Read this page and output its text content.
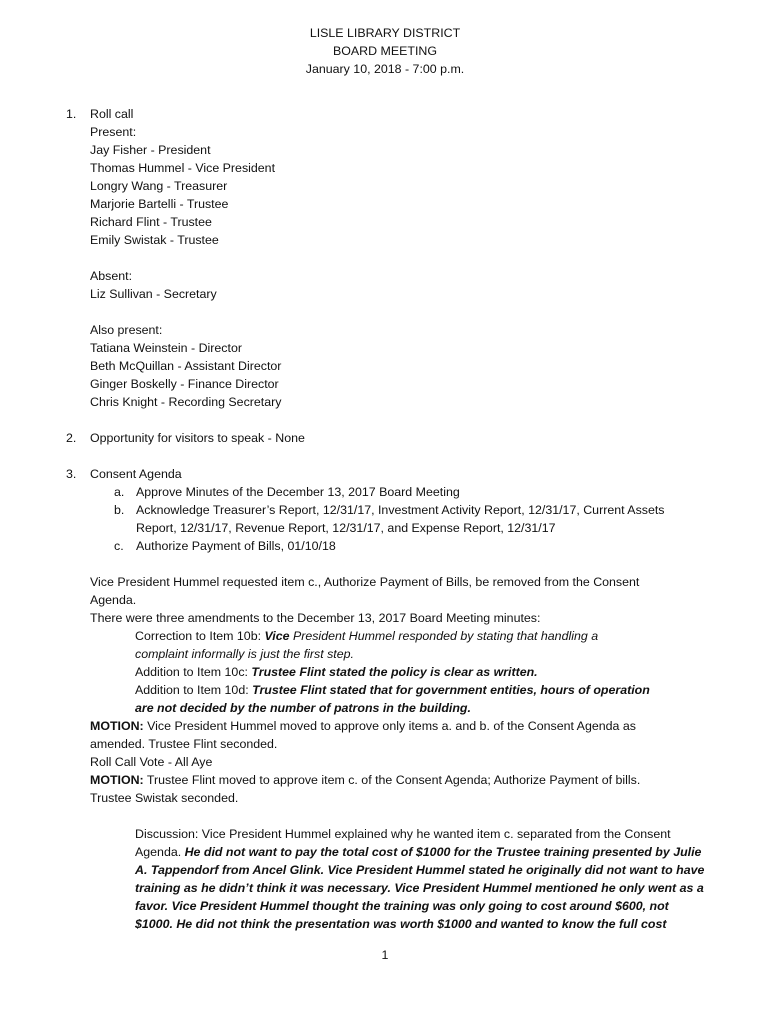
LISLE LIBRARY DISTRICT
BOARD MEETING
January 10, 2018 - 7:00 p.m.
1.	Roll call
Present:
Jay Fisher - President
Thomas Hummel - Vice President
Longry Wang - Treasurer
Marjorie Bartelli - Trustee
Richard Flint - Trustee
Emily Swistak - Trustee
Absent:
Liz Sullivan - Secretary
Also present:
Tatiana Weinstein - Director
Beth McQuillan - Assistant Director
Ginger Boskelly - Finance Director
Chris Knight - Recording Secretary
2.	Opportunity for visitors to speak - None
3.	Consent Agenda
a. Approve Minutes of the December 13, 2017 Board Meeting
b. Acknowledge Treasurer’s Report, 12/31/17, Investment Activity Report, 12/31/17, Current Assets
Report, 12/31/17, Revenue Report, 12/31/17, and Expense Report, 12/31/17
c. Authorize Payment of Bills, 01/10/18
Vice President Hummel requested item c., Authorize Payment of Bills, be removed from the Consent
Agenda.
There were three amendments to the December 13, 2017 Board Meeting minutes:
Correction to Item 10b: Vice President Hummel responded by stating that handling a
complaint informally is just the first step.
Addition to Item 10c: Trustee Flint stated the policy is clear as written.
Addition to Item 10d: Trustee Flint stated that for government entities, hours of operation
are not decided by the number of patrons in the building.
MOTION: Vice President Hummel moved to approve only items a. and b. of the Consent Agenda as
amended. Trustee Flint seconded.
Roll Call Vote - All Aye
MOTION: Trustee Flint moved to approve item c. of the Consent Agenda; Authorize Payment of bills.
Trustee Swistak seconded.
Discussion: Vice President Hummel explained why he wanted item c. separated from the Consent
Agenda. He did not want to pay the total cost of $1000 for the Trustee training presented by Julie
A. Tappendorf from Ancel Glink. Vice President Hummel stated he originally did not want to have
training as he didn’t think it was necessary. Vice President Hummel mentioned he only went as a
favor. Vice President Hummel thought the training was only going to cost around $600, not
$1000. He did not think the presentation was worth $1000 and wanted to know the full cost
1
